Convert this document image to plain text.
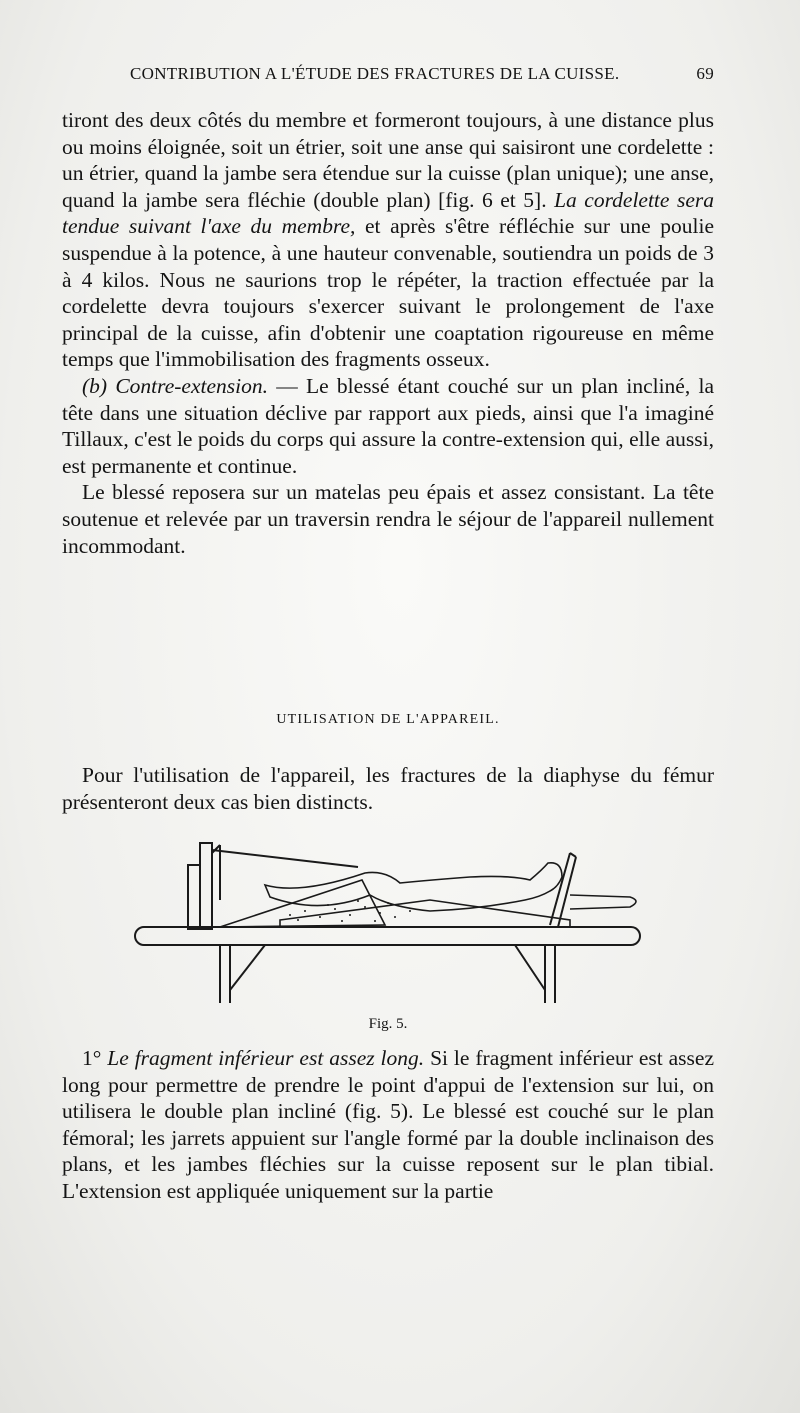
CONTRIBUTION A L'ÉTUDE DES FRACTURES DE LA CUISSE.	69

tiront des deux côtés du membre et formeront toujours, à une distance plus ou moins éloignée, soit un étrier, soit une anse qui saisiront une cordelette : un étrier, quand la jambe sera étendue sur la cuisse (plan unique); une anse, quand la jambe sera fléchie (double plan) [fig. 6 et 5]. La cordelette sera tendue suivant l'axe du membre, et après s'être réfléchie sur une poulie suspendue à la potence, à une hauteur convenable, soutiendra un poids de 3 à 4 kilos. Nous ne saurions trop le répéter, la traction effectuée par la cordelette devra toujours s'exercer suivant le prolongement de l'axe principal de la cuisse, afin d'obtenir une coaptation rigoureuse en même temps que l'immobilisation des fragments osseux.

(b) Contre-extension. — Le blessé étant couché sur un plan incliné, la tête dans une situation déclive par rapport aux pieds, ainsi que l'a imaginé Tillaux, c'est le poids du corps qui assure la contre-extension qui, elle aussi, est permanente et continue.

Le blessé reposera sur un matelas peu épais et assez consistant. La tête soutenue et relevée par un traversin rendra le séjour de l'appareil nullement incommodant.

UTILISATION DE L'APPAREIL.

Pour l'utilisation de l'appareil, les fractures de la diaphyse du fémur présenteront deux cas bien distincts.

Fig. 5.

1° Le fragment inférieur est assez long. Si le fragment inférieur est assez long pour permettre de prendre le point d'appui de l'extension sur lui, on utilisera le double plan incliné (fig. 5). Le blessé est couché sur le plan fémoral; les jarrets appuient sur l'angle formé par la double inclinaison des plans, et les jambes fléchies sur la cuisse reposent sur le plan tibial. L'extension est appliquée uniquement sur la partie
